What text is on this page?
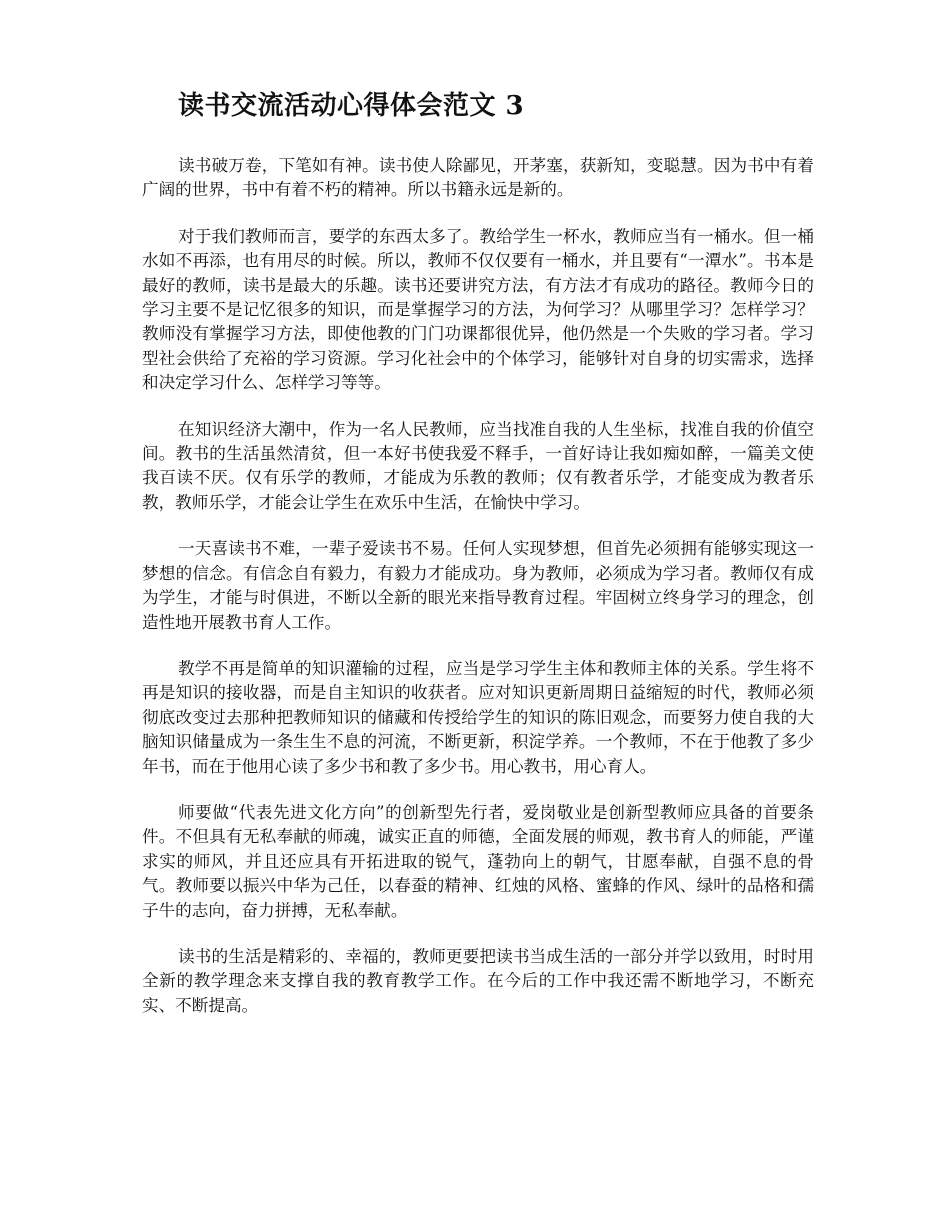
读书交流活动心得体会范文 3

读书破万卷，下笔如有神。读书使人除鄙见，开茅塞，获新知，变聪慧。因为书中有着广阔的世界，书中有着不朽的精神。所以书籍永远是新的。

对于我们教师而言，要学的东西太多了。教给学生一杯水，教师应当有一桶水。但一桶水如不再添，也有用尽的时候。所以，教师不仅仅要有一桶水，并且要有“一潭水”。书本是最好的教师，读书是最大的乐趣。读书还要讲究方法，有方法才有成功的路径。教师今日的学习主要不是记忆很多的知识，而是掌握学习的方法，为何学习？从哪里学习？怎样学习？教师没有掌握学习方法，即使他教的门门功课都很优异，他仍然是一个失败的学习者。学习型社会供给了充裕的学习资源。学习化社会中的个体学习，能够针对自身的切实需求，选择和决定学习什么、怎样学习等等。

在知识经济大潮中，作为一名人民教师，应当找准自我的人生坐标，找准自我的价值空间。教书的生活虽然清贫，但一本好书使我爱不释手，一首好诗让我如痴如醉，一篇美文使我百读不厌。仅有乐学的教师，才能成为乐教的教师；仅有教者乐学，才能变成为教者乐教，教师乐学，才能会让学生在欢乐中生活，在愉快中学习。

一天喜读书不难，一辈子爱读书不易。任何人实现梦想，但首先必须拥有能够实现这一梦想的信念。有信念自有毅力，有毅力才能成功。身为教师，必须成为学习者。教师仅有成为学生，才能与时俱进，不断以全新的眼光来指导教育过程。牢固树立终身学习的理念，创造性地开展教书育人工作。

教学不再是简单的知识灌输的过程，应当是学习学生主体和教师主体的关系。学生将不再是知识的接收器，而是自主知识的收获者。应对知识更新周期日益缩短的时代，教师必须彻底改变过去那种把教师知识的储藏和传授给学生的知识的陈旧观念，而要努力使自我的大脑知识储量成为一条生生不息的河流，不断更新，积淀学养。一个教师，不在于他教了多少年书，而在于他用心读了多少书和教了多少书。用心教书，用心育人。

师要做“代表先进文化方向”的创新型先行者，爱岗敬业是创新型教师应具备的首要条件。不但具有无私奉献的师魂，诚实正直的师德，全面发展的师观，教书育人的师能，严谨求实的师风，并且还应具有开拓进取的锐气，蓬勃向上的朝气，甘愿奉献，自强不息的骨气。教师要以振兴中华为己任，以春蚕的精神、红烛的风格、蜜蜂的作风、绿叶的品格和孺子牛的志向，奋力拼搏，无私奉献。

读书的生活是精彩的、幸福的，教师更要把读书当成生活的一部分并学以致用，时时用全新的教学理念来支撑自我的教育教学工作。在今后的工作中我还需不断地学习，不断充实、不断提高。
